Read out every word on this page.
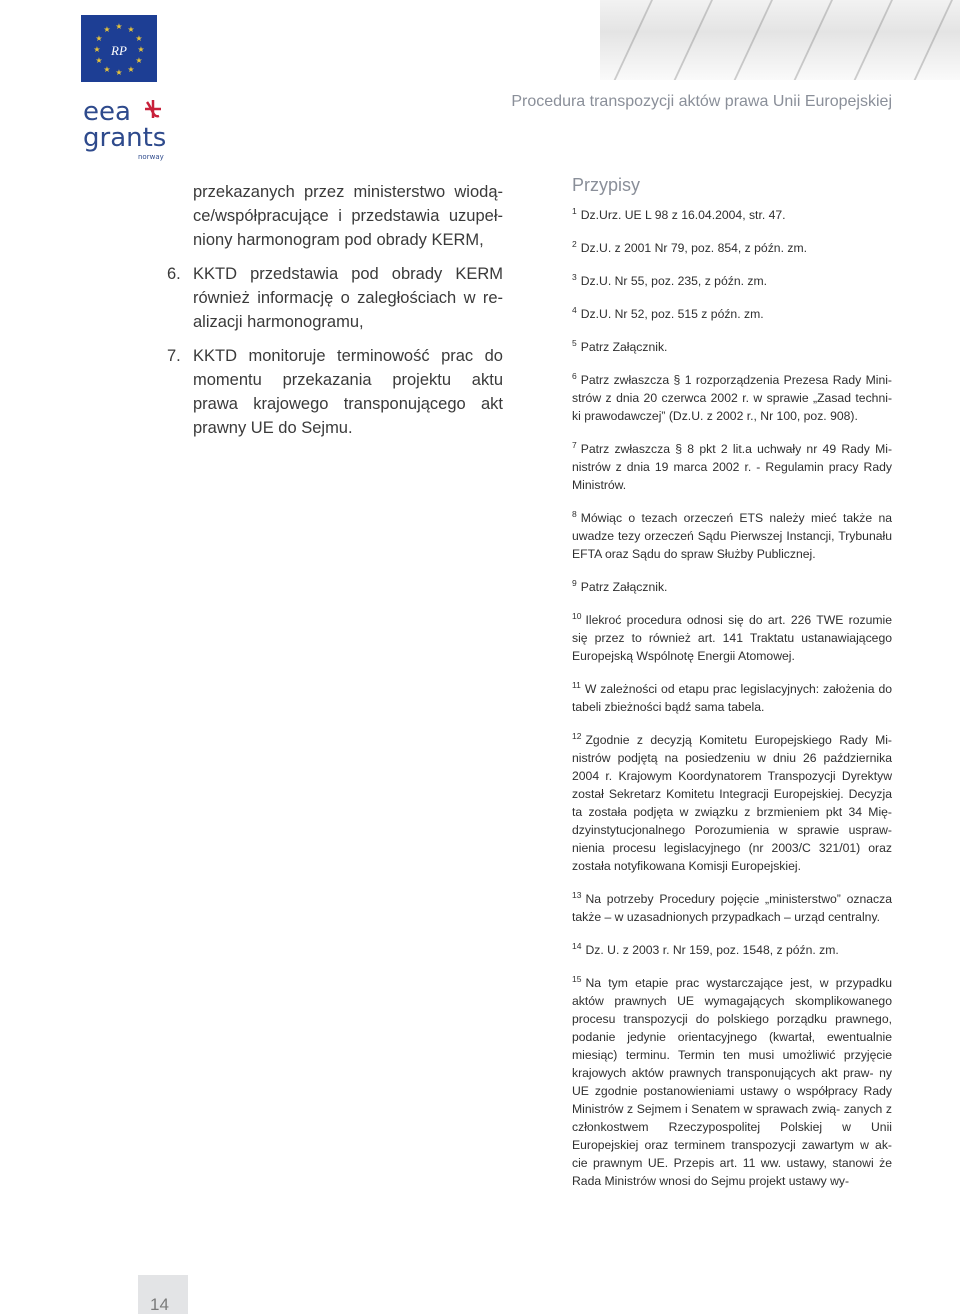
★ ★
★
★
★
★
★
★
★
★
★
★
RP
eea
grants
norway
Procedura transpozycji aktów prawa Unii Europejskiej

przekazanych przez ministerstwo wiodą- ce/współpracujące i przedstawia uzupeł- niony harmonogram pod obrady KERM,

6. KKTD przedstawia pod obrady KERM również informację o zaległościach w re- alizacji harmonogramu,

7. KKTD monitoruje terminowość prac do momentu przekazania projektu aktu prawa krajowego transponującego akt prawny UE do Sejmu.

Przypisy

$^1$ Dz.Urz. UE L 98 z 16.04.2004, str. 47.

$^2$ Dz.U. z 2001 Nr 79, poz. 854, z późn. zm.

$^3$ Dz.U. Nr 55, poz. 235, z późn. zm.

$^4$ Dz.U. Nr 52, poz. 515 z późn. zm.

$^5$ Patrz Załącznik.

$^6$ Patrz zwłaszcza § 1 rozporządzenia Prezesa Rady Mini- strów z dnia 20 czerwca 2002 r. w sprawie „Zasad techni- ki prawodawczej” (Dz.U. z 2002 r., Nr 100, poz. 908).

$^7$ Patrz zwłaszcza § 8 pkt 2 lit.a uchwały nr 49 Rady Mi- nistrów z dnia 19 marca 2002 r. - Regulamin pracy Rady Ministrów.

$^8$ Mówiąc o tezach orzeczeń ETS należy mieć także na uwadze tezy orzeczeń Sądu Pierwszej Instancji, Trybunału EFTA oraz Sądu do spraw Służby Publicznej.

$^9$ Patrz Załącznik.

$^{10}$ Ilekroć procedura odnosi się do art. 226 TWE rozumie się przez to również art. 141 Traktatu ustanawiającego Europejską Wspólnotę Energii Atomowej.

$^{11}$ W zależności od etapu prac legislacyjnych: założenia do tabeli zbieżności bądź sama tabela.

$^{12}$ Zgodnie z decyzją Komitetu Europejskiego Rady Mi- nistrów podjętą na posiedzeniu w dniu 26 października 2004 r. Krajowym Koordynatorem Transpozycji Dyrektyw został Sekretarz Komitetu Integracji Europejskiej. Decyzja ta została podjęta w związku z brzmieniem pkt 34 Mię- dzyinstytucjonalnego Porozumienia w sprawie uspraw- nienia procesu legislacyjnego (nr 2003/C 321/01) oraz została notyfikowana Komisji Europejskiej.

$^{13}$ Na potrzeby Procedury pojęcie „ministerstwo” oznacza także – w uzasadnionych przypadkach – urząd centralny.

$^{14}$ Dz. U. z 2003 r. Nr 159, poz. 1548, z późn. zm.

$^{15}$ Na tym etapie prac wystarczające jest, w przypadku aktów prawnych UE wymagających skomplikowanego procesu transpozycji do polskiego porządku prawnego, podanie jedynie orientacyjnego (kwartał, ewentualnie miesiąc) terminu. Termin ten musi umożliwić przyjęcie krajowych aktów prawnych transponujących akt praw- ny UE zgodnie postanowieniami ustawy o współpracy Rady Ministrów z Sejmem i Senatem w sprawach zwią- zanych z członkostwem Rzeczypospolitej Polskiej w Unii Europejskiej oraz terminem transpozycji zawartym w ak- cie prawnym UE. Przepis art. 11 ww. ustawy, stanowi że Rada Ministrów wnosi do Sejmu projekt ustawy wy-

14
